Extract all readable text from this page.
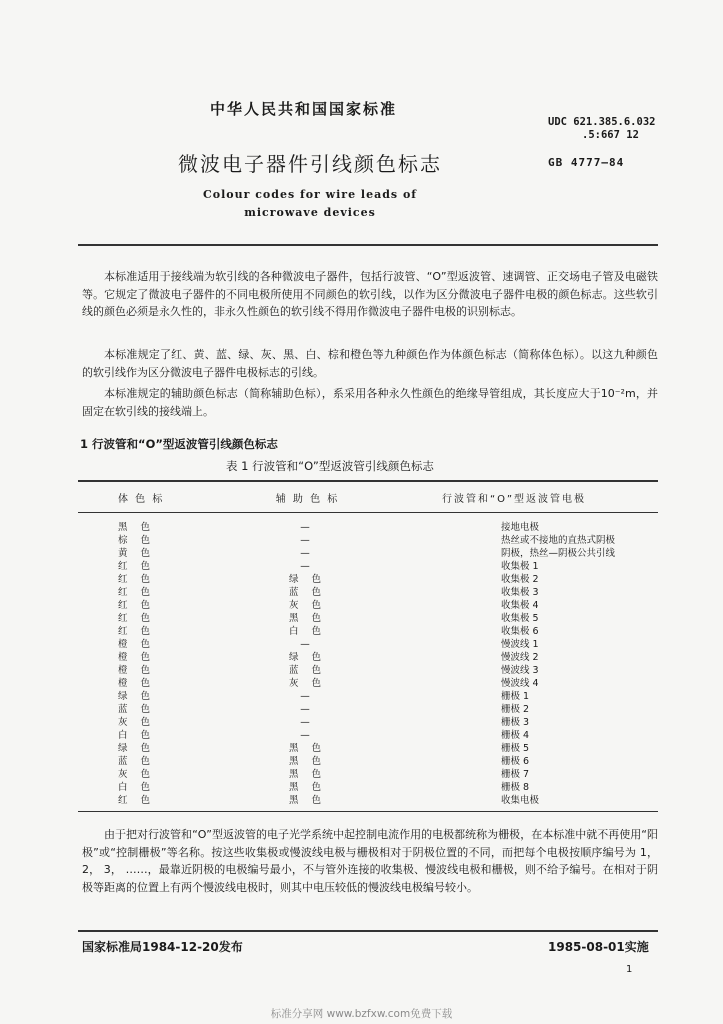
中华人民共和国国家标准
UDC 621.385.6.032
.5:667 12
微波电子器件引线颜色标志	GB 4777—84
Colour codes for wire leads of
microwave devices
本标准适用于接线端为软引线的各种微波电子器件，包括行波管、“O”型返波管、速调管、正交场电子管及电磁铁等。它规定了微波电子器件的不同电极所使用不同颜色的软引线，以作为区分微波电子器件电极的颜色标志。这些软引线的颜色必须是永久性的，非永久性颜色的软引线不得用作微波电子器件电极的识别标志。
本标准规定了红、黄、蓝、绿、灰、黑、白、棕和橙色等九种颜色作为体颜色标志（简称体色标）。以这九种颜色的软引线作为区分微波电子器件电极标志的引线。
本标准规定的辅助颜色标志（简称辅助色标），系采用各种永久性颜色的绝缘导管组成，其长度应大于10⁻²m，并固定在软引线的接线端上。
1 行波管和“O”型返波管引线颜色标志
表 1 行波管和“O”型返波管引线颜色标志
体 色 标	辅 助 色 标	行波管和“O”型返波管电极
黑 色	—	接地电极
棕 色	—	热丝或不接地的直热式阴极
黄 色	—	阴极，热丝—阴极公共引线
红 色	—	收集极 1
红 色	绿 色	收集极 2
红 色	蓝 色	收集极 3
红 色	灰 色	收集极 4
红 色	黑 色	收集极 5
红 色	白 色	收集极 6
橙 色	—	慢波线 1
橙 色	绿 色	慢波线 2
橙 色	蓝 色	慢波线 3
橙 色	灰 色	慢波线 4
绿 色	—	栅极 1
蓝 色	—	栅极 2
灰 色	—	栅极 3
白 色	—	栅极 4
绿 色	黑 色	栅极 5
蓝 色	黑 色	栅极 6
灰 色	黑 色	栅极 7
白 色	黑 色	栅极 8
红 色	黑 色	收集电极
由于把对行波管和“O”型返波管的电子光学系统中起控制电流作用的电极都统称为栅极，在本标准中就不再使用“阳极”或“控制栅极”等名称。按这些收集极或慢波线电极与栅极相对于阴极位置的不同，而把每个电极按顺序编号为 1， 2， 3， ……，最靠近阴极的电极编号最小，不与管外连接的收集极、慢波线电极和栅极，则不给予编号。在相对于阴极等距离的位置上有两个慢波线电极时，则其中电压较低的慢波线电极编号较小。
国家标准局1984-12-20发布	1985-08-01实施
1
标准分享网 www.bzfxw.com免费下载
